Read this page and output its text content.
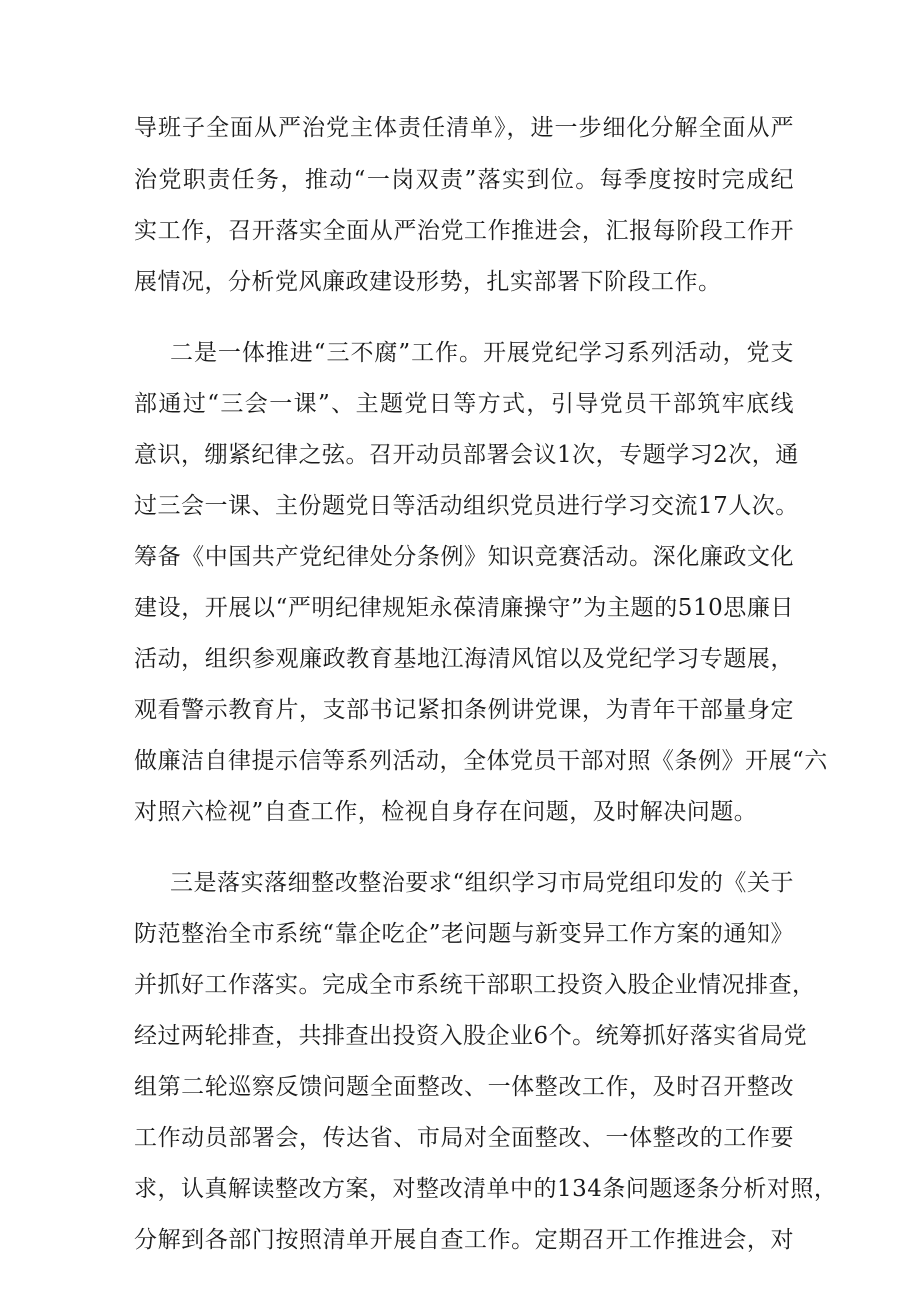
导班子全面从严治党主体责任清单》，进一步细化分解全面从严
治党职责任务，推动“一岗双责”落实到位。每季度按时完成纪
实工作，召开落实全面从严治党工作推进会，汇报每阶段工作开
展情况，分析党风廉政建设形势，扎实部署下阶段工作。
二是一体推进“三不腐”工作。开展党纪学习系列活动，党支
部通过“三会一课”、主题党日等方式，引导党员干部筑牢底线
意识，绷紧纪律之弦。召开动员部署会议1次，专题学习2次，通
过三会一课、主份题党日等活动组织党员进行学习交流17人次。
筹备《中国共产党纪律处分条例》知识竞赛活动。深化廉政文化
建设，开展以“严明纪律规矩永葆清廉操守”为主题的510思廉日
活动，组织参观廉政教育基地江海清风馆以及党纪学习专题展，
观看警示教育片，支部书记紧扣条例讲党课，为青年干部量身定
做廉洁自律提示信等系列活动，全体党员干部对照《条例》开展“六
对照六检视”自查工作，检视自身存在问题，及时解决问题。
三是落实落细整改整治要求“组织学习市局党组印发的《关于
防范整治全市系统“靠企吃企”老问题与新变异工作方案的通知》
并抓好工作落实。完成全市系统干部职工投资入股企业情况排查，
经过两轮排查，共排查出投资入股企业6个。统筹抓好落实省局党
组第二轮巡察反馈问题全面整改、一体整改工作，及时召开整改
工作动员部署会，传达省、市局对全面整改、一体整改的工作要
求，认真解读整改方案，对整改清单中的134条问题逐条分析对照，
分解到各部门按照清单开展自查工作。定期召开工作推进会，对
